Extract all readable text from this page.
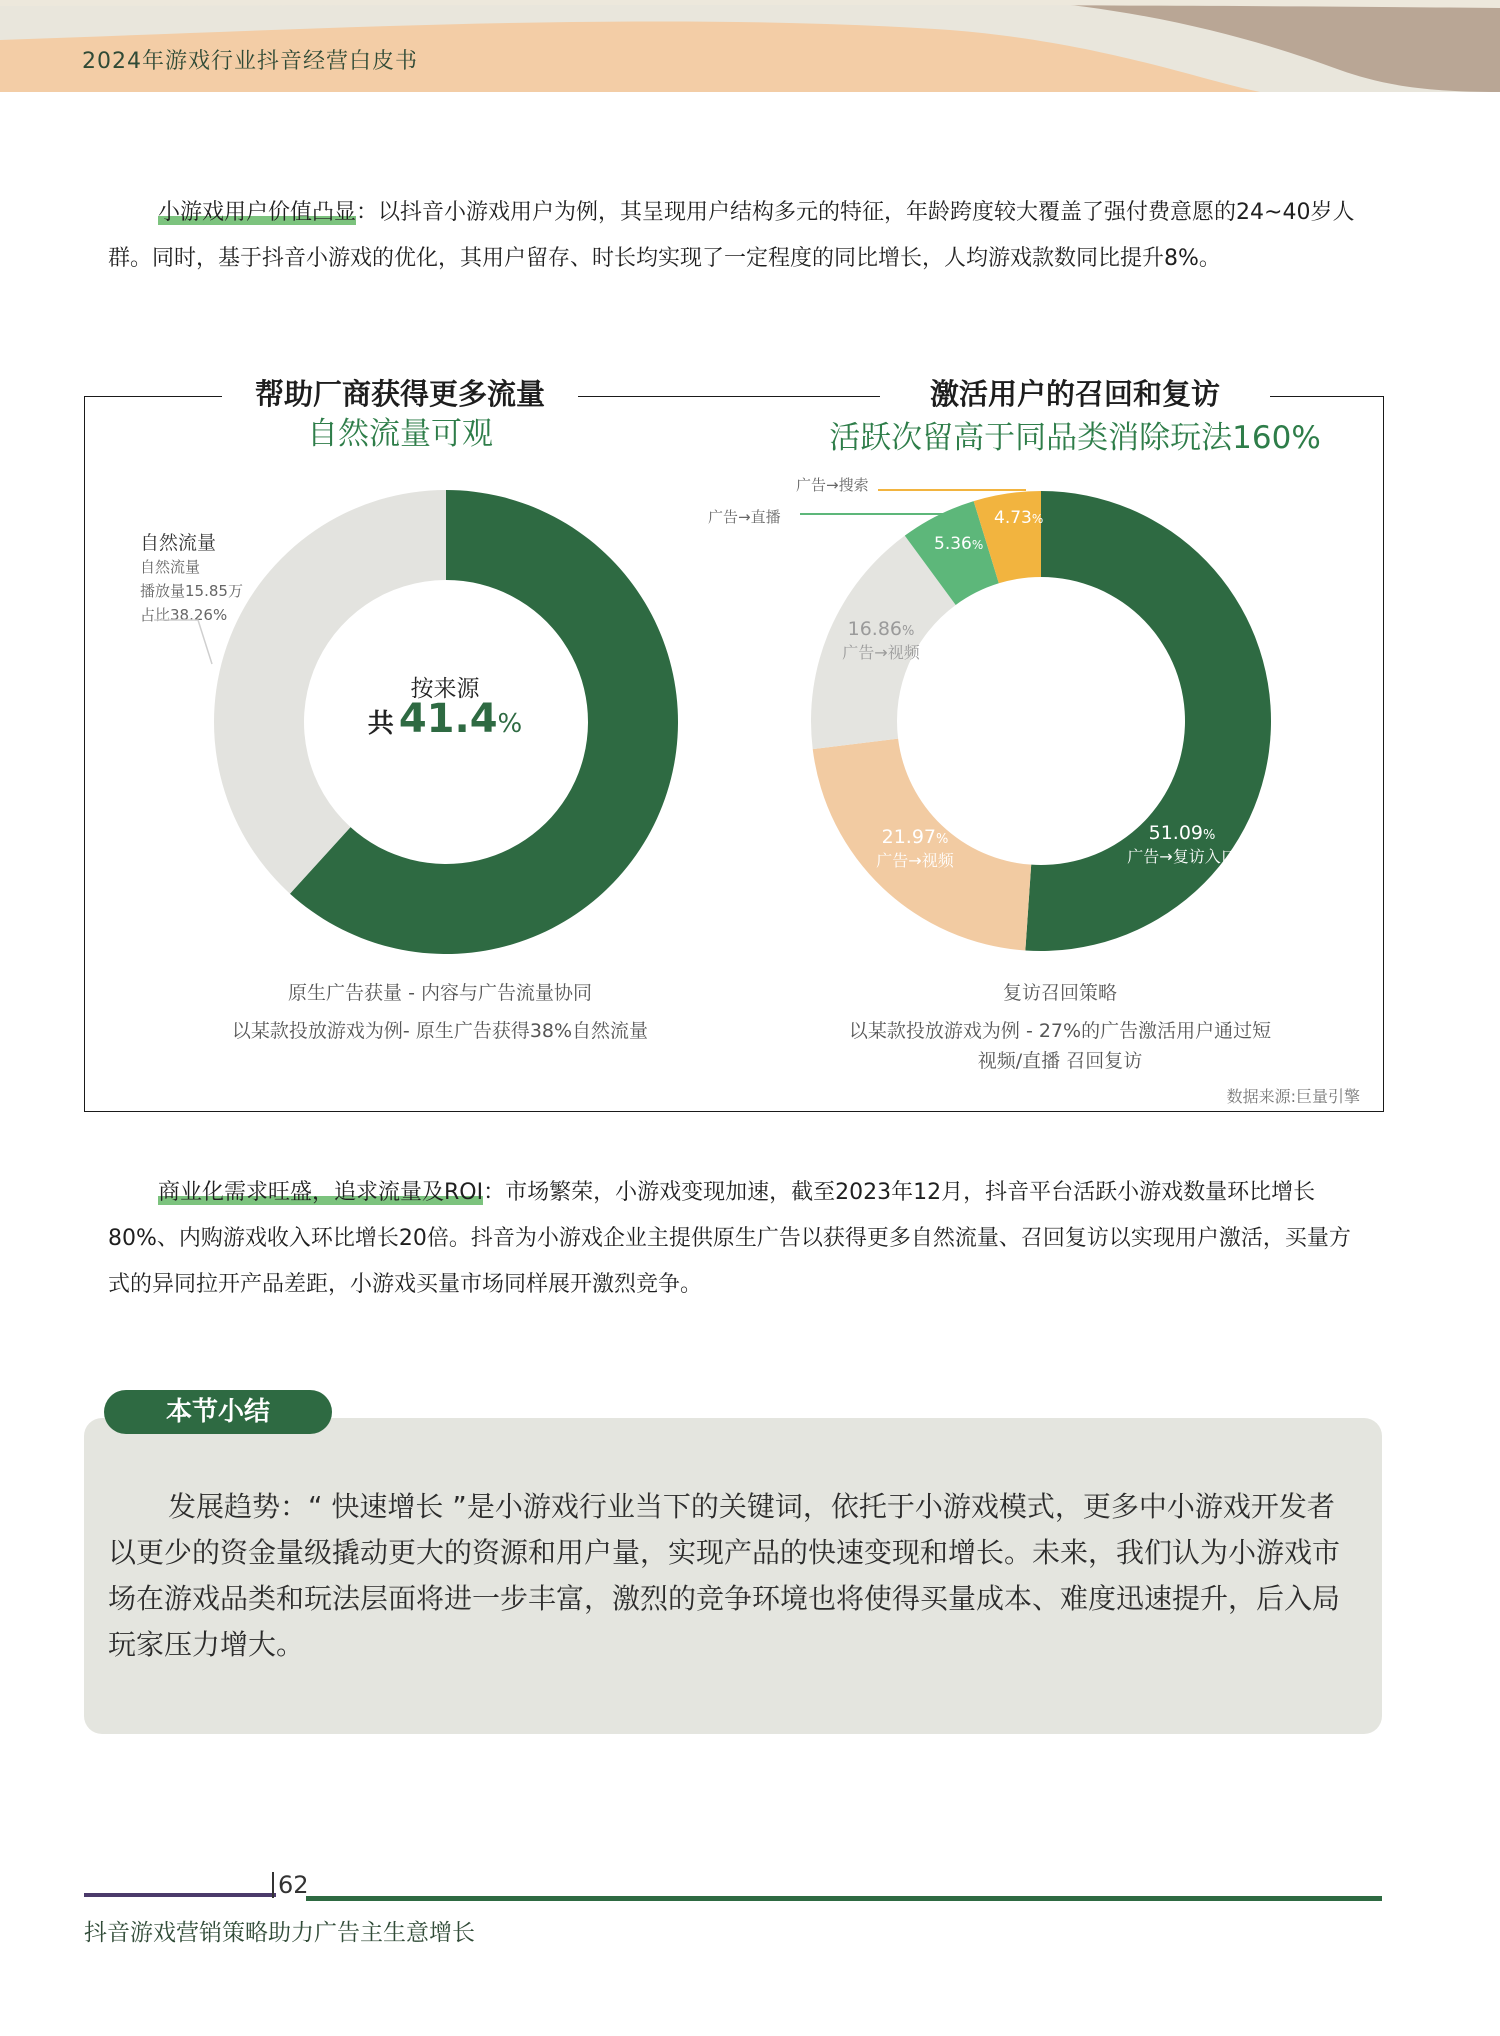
2024年游戏行业抖音经营白皮书
小游戏用户价值凸显：以抖音小游戏用户为例，其呈现用户结构多元的特征，年龄跨度较大覆盖了强付费意愿的24~40岁人群。同时，基于抖音小游戏的优化，其用户留存、时长均实现了一定程度的同比增长，人均游戏款数同比提升8%。
帮助厂商获得更多流量
自然流量可观
激活用户的召回和复访
活跃次留高于同品类消除玩法160%
按来源
共 41.4%
自然流量
自然流量
播放量15.85万
占比38.26%
原生广告获量 - 内容与广告流量协同
以某款投放游戏为例- 原生广告获得38%自然流量
51.09%
广告→复访入口
21.97%
广告→视频
16.86%
广告→视频
5.36%
4.73%
广告→搜索
广告→直播
复访召回策略
以某款投放游戏为例 - 27%的广告激活用户通过短
视频/直播 召回复访
数据来源:巨量引擎
商业化需求旺盛，追求流量及ROI：市场繁荣，小游戏变现加速，截至2023年12月，抖音平台活跃小游戏数量环比增长80%、内购游戏收入环比增长20倍。抖音为小游戏企业主提供原生广告以获得更多自然流量、召回复访以实现用户激活，买量方式的异同拉开产品差距，小游戏买量市场同样展开激烈竞争。
本节小结
发展趋势：“ 快速增长 ”是小游戏行业当下的关键词，依托于小游戏模式，更多中小游戏开发者以更少的资金量级撬动更大的资源和用户量，实现产品的快速变现和增长。未来，我们认为小游戏市场在游戏品类和玩法层面将进一步丰富，激烈的竞争环境也将使得买量成本、难度迅速提升，后入局玩家压力增大。
62
抖音游戏营销策略助力广告主生意增长
